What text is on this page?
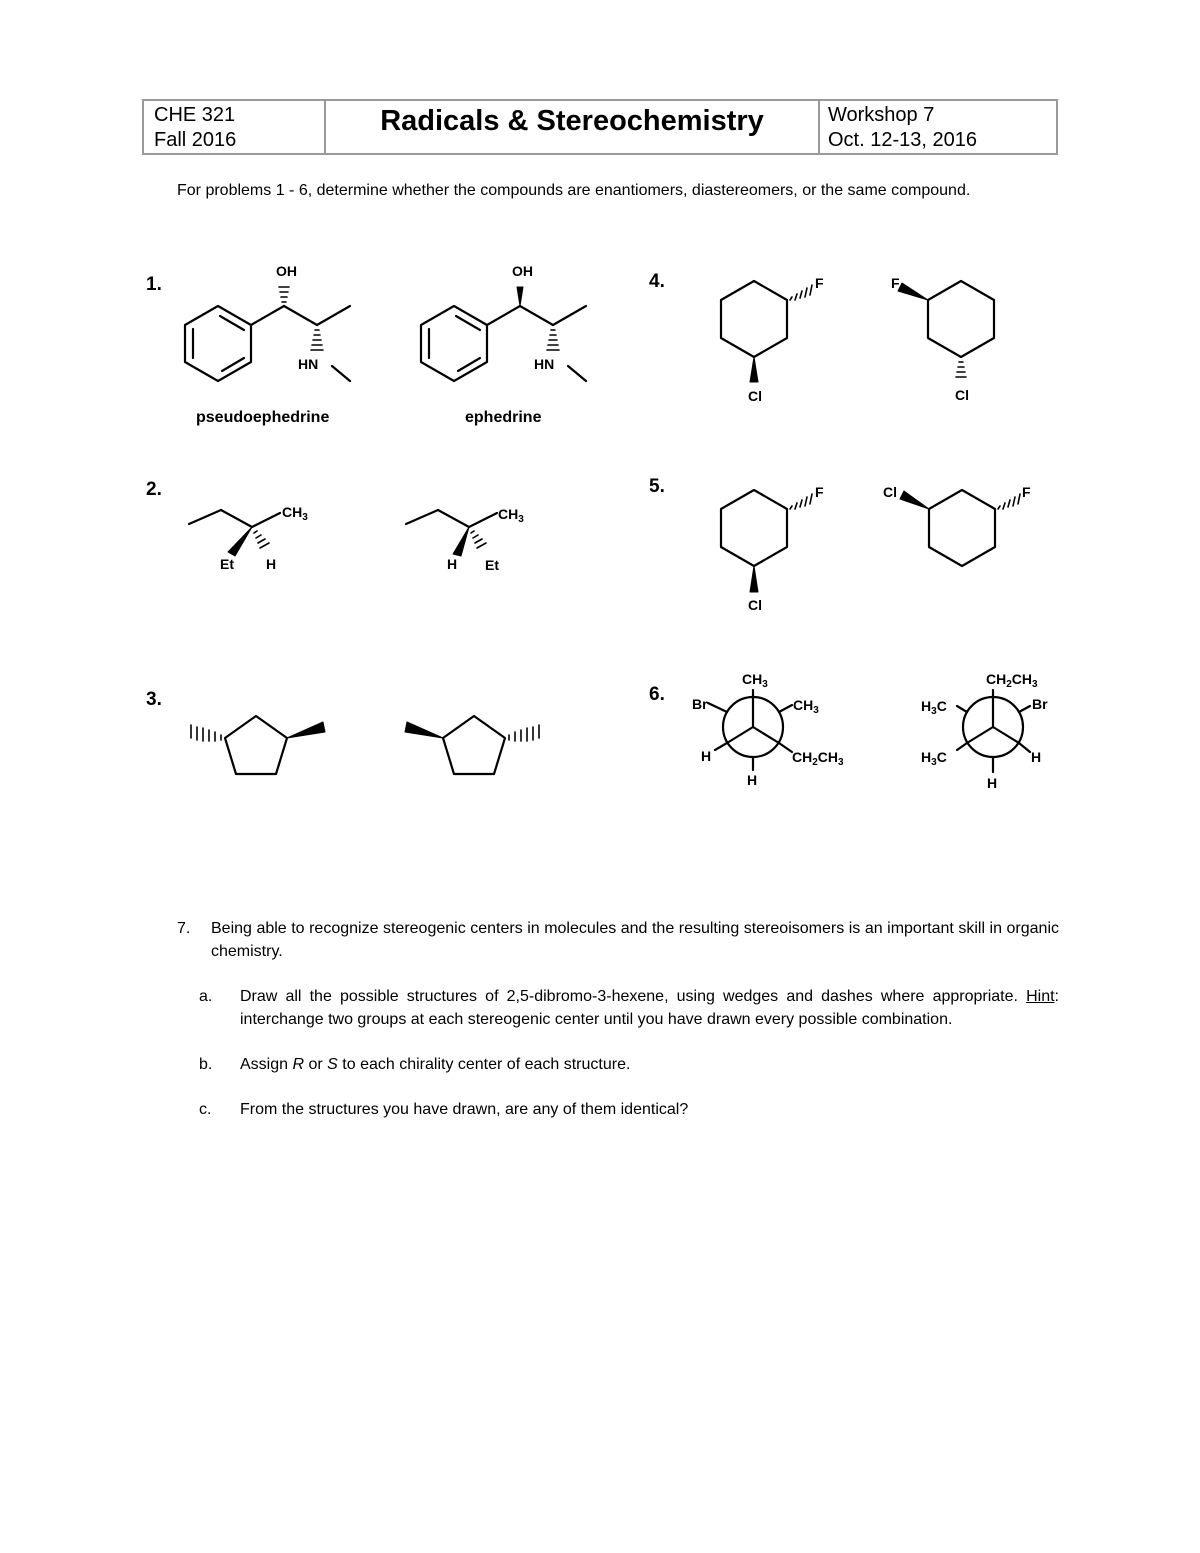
CHE 321
Fall 2016
Radicals & Stereochemistry	Workshop 7
Oct. 12-13, 2016
For problems 1 - 6, determine whether the compounds are enantiomers, diastereomers, or the same compound.
1.
2.
3.
4.
5.
6.
OH
HN
OH
HN
$CH_3$
Et H
$CH_3$
H Et
F
Cl
F
Cl
F
Cl
Cl	F
$CH_3$
Br	$CH_3$
H	$CH_2CH_3$
H
$CH_2CH_3$
$H_3C$	Br
$H_3C$	H
H
pseudoephedrine	ephedrine
7.	Being able to recognize stereogenic centers in molecules and the resulting stereoisomers is an important skill in organic chemistry.
a.	Draw all the possible structures of 2,5-dibromo-3-hexene, using wedges and dashes where appropriate. Hint: interchange two groups at each stereogenic center until you have drawn every possible combination.
b.	Assign R or S to each chirality center of each structure.
c.	From the structures you have drawn, are any of them identical?
